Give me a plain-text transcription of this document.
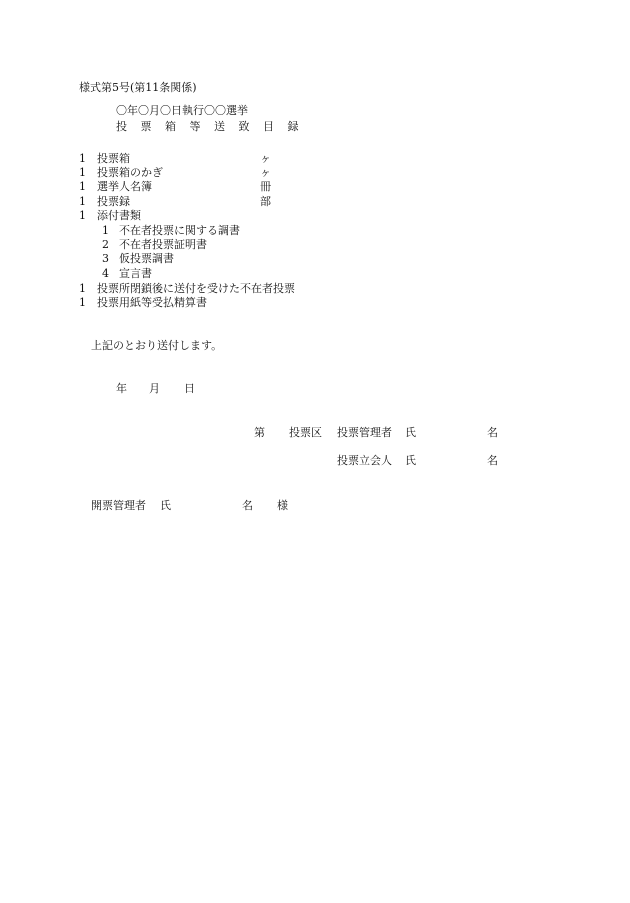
様式第5号(第11条関係)
〇年〇月〇日執行〇〇選挙
投 票 箱 等 送 致 目 録
1 投票箱	ヶ
1 投票箱のかぎ	ヶ
1 選挙人名簿	冊
1 投票録	部
1 添付書類
1 不在者投票に関する調書
2 不在者投票証明書
3 仮投票調書
4 宣言書
1 投票所閉鎖後に送付を受けた不在者投票
1 投票用紙等受払精算書
上記のとおり送付します。
年 月 日
第 投票区 投票管理者 氏	名
投票立会人 氏	名
開票管理者 氏	名 様
